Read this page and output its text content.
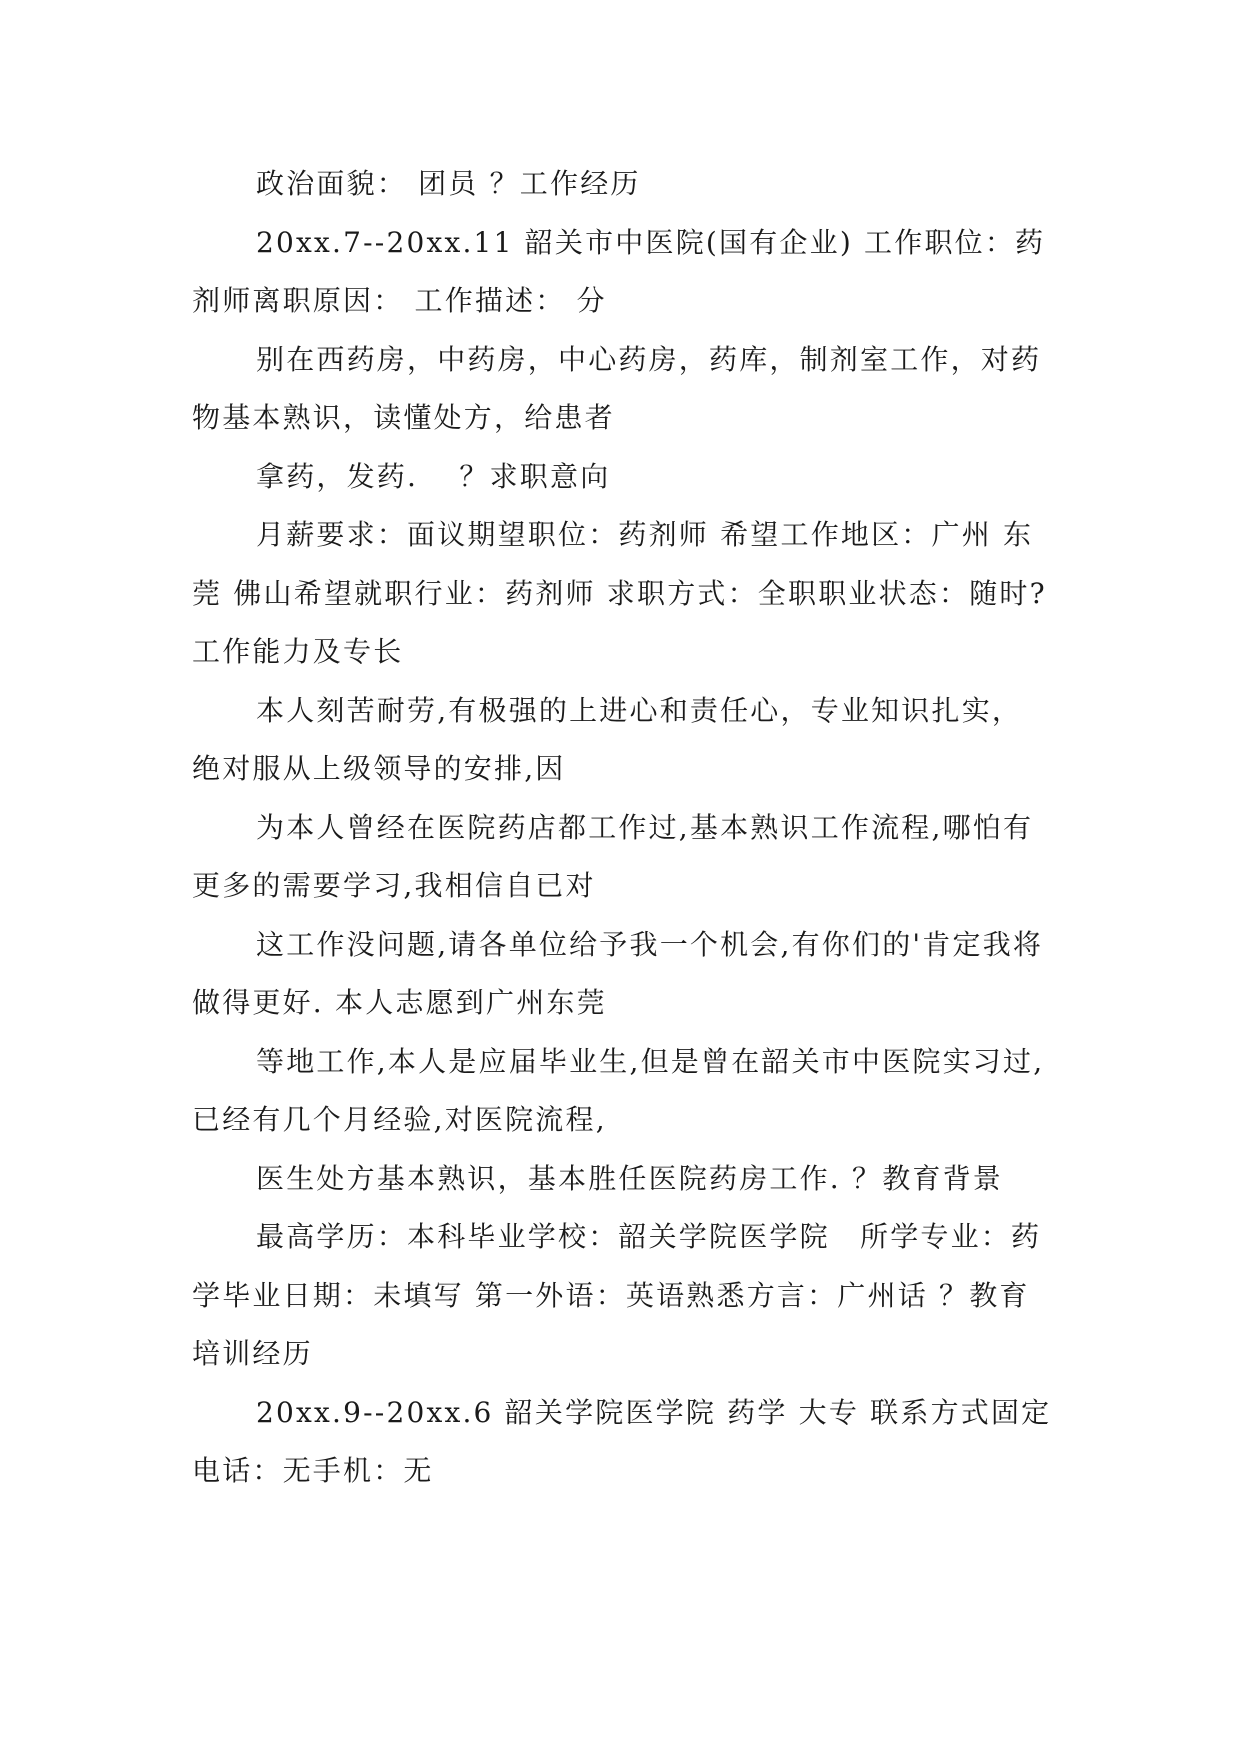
政治面貌： 团员 ？工作经历

20xx.7--20xx.11 韶关市中医院(国有企业) 工作职位：药剂师离职原因： 工作描述： 分

别在西药房，中药房，中心药房，药库，制剂室工作，对药物基本熟识，读懂处方，给患者

拿药，发药.　 ？求职意向

月薪要求：面议期望职位：药剂师 希望工作地区：广州 东莞 佛山希望就职行业：药剂师 求职方式：全职职业状态：随时? 工作能力及专长

本人刻苦耐劳,有极强的上进心和责任心，专业知识扎实，绝对服从上级领导的安排,因

为本人曾经在医院药店都工作过,基本熟识工作流程,哪怕有更多的需要学习,我相信自已对

这工作没问题,请各单位给予我一个机会,有你们的'肯定我将做得更好. 本人志愿到广州东莞

等地工作,本人是应届毕业生,但是曾在韶关市中医院实习过,已经有几个月经验,对医院流程,

医生处方基本熟识，基本胜任医院药房工作. ？教育背景

最高学历：本科毕业学校：韶关学院医学院　所学专业：药学毕业日期：未填写 第一外语：英语熟悉方言：广州话 ？教育培训经历

20xx.9--20xx.6 韶关学院医学院 药学 大专 联系方式固定电话：无手机：无
